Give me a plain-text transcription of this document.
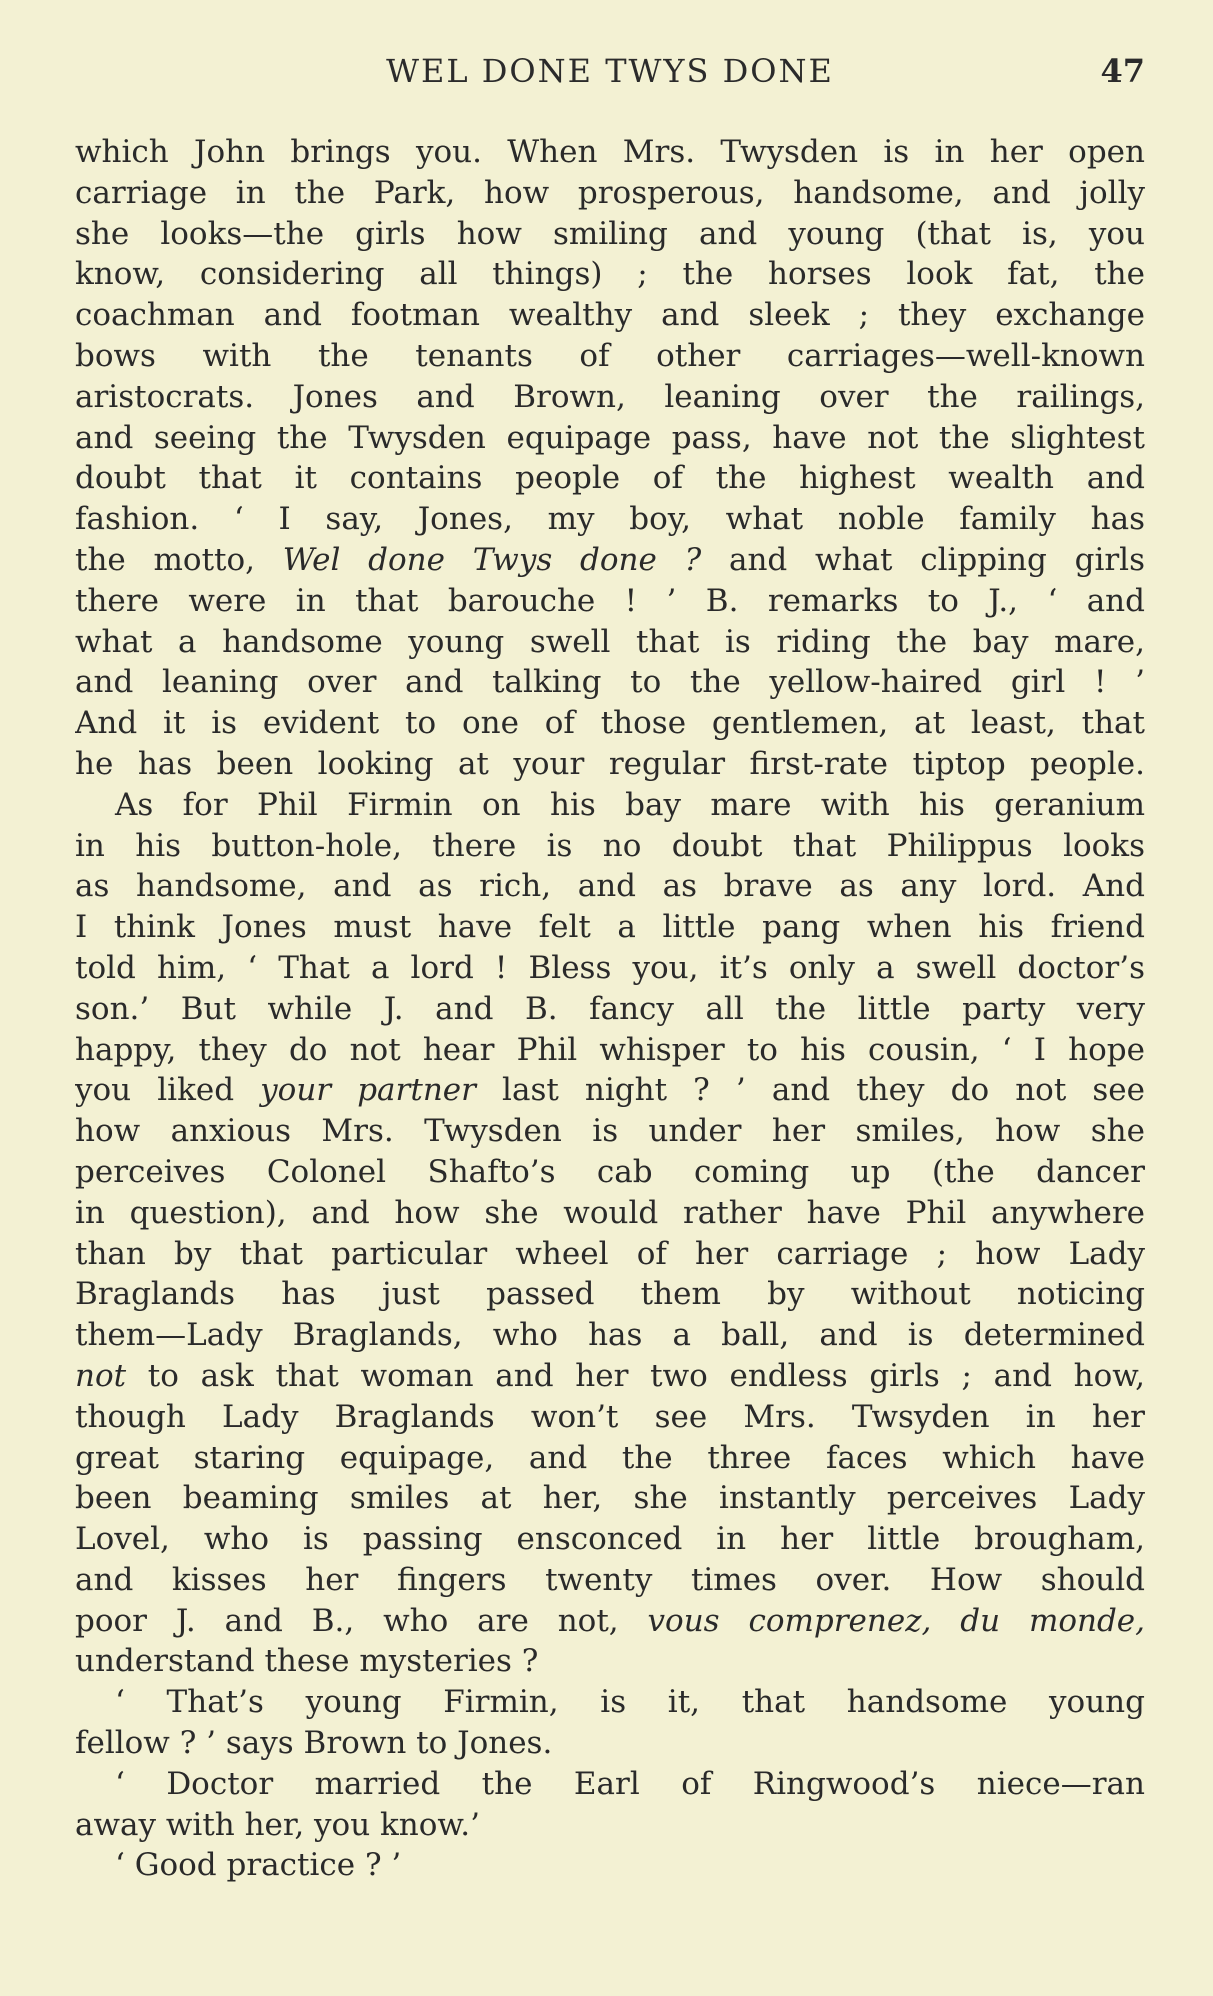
WEL DONE TWYS DONE	47
which John brings you. When Mrs. Twysden is in her open
carriage in the Park, how prosperous, handsome, and jolly
she looks—the girls how smiling and young (that is, you
know, considering all things) ; the horses look fat, the
coachman and footman wealthy and sleek ; they exchange
bows with the tenants of other carriages—well-known
aristocrats. Jones and Brown, leaning over the railings,
and seeing the Twysden equipage pass, have not the slightest
doubt that it contains people of the highest wealth and
fashion. ‘ I say, Jones, my boy, what noble family has
the motto, Wel done Twys done ? and what clipping girls
there were in that barouche ! ’ B. remarks to J., ‘ and
what a handsome young swell that is riding the bay mare,
and leaning over and talking to the yellow-haired girl ! ’
And it is evident to one of those gentlemen, at least, that
he has been looking at your regular first-rate tiptop people.
As for Phil Firmin on his bay mare with his geranium
in his button-hole, there is no doubt that Philippus looks
as handsome, and as rich, and as brave as any lord. And
I think Jones must have felt a little pang when his friend
told him, ‘ That a lord ! Bless you, it’s only a swell doctor’s
son.’ But while J. and B. fancy all the little party very
happy, they do not hear Phil whisper to his cousin, ‘ I hope
you liked your partner last night ? ’ and they do not see
how anxious Mrs. Twysden is under her smiles, how she
perceives Colonel Shafto’s cab coming up (the dancer
in question), and how she would rather have Phil anywhere
than by that particular wheel of her carriage ; how Lady
Braglands has just passed them by without noticing
them—Lady Braglands, who has a ball, and is determined
not to ask that woman and her two endless girls ; and how,
though Lady Braglands won’t see Mrs. Twsyden in her
great staring equipage, and the three faces which have
been beaming smiles at her, she instantly perceives Lady
Lovel, who is passing ensconced in her little brougham,
and kisses her fingers twenty times over. How should
poor J. and B., who are not, vous comprenez, du monde,
understand these mysteries ?
‘ That’s young Firmin, is it, that handsome young
fellow ? ’ says Brown to Jones.
‘ Doctor married the Earl of Ringwood’s niece—ran
away with her, you know.’
‘ Good practice ? ’
